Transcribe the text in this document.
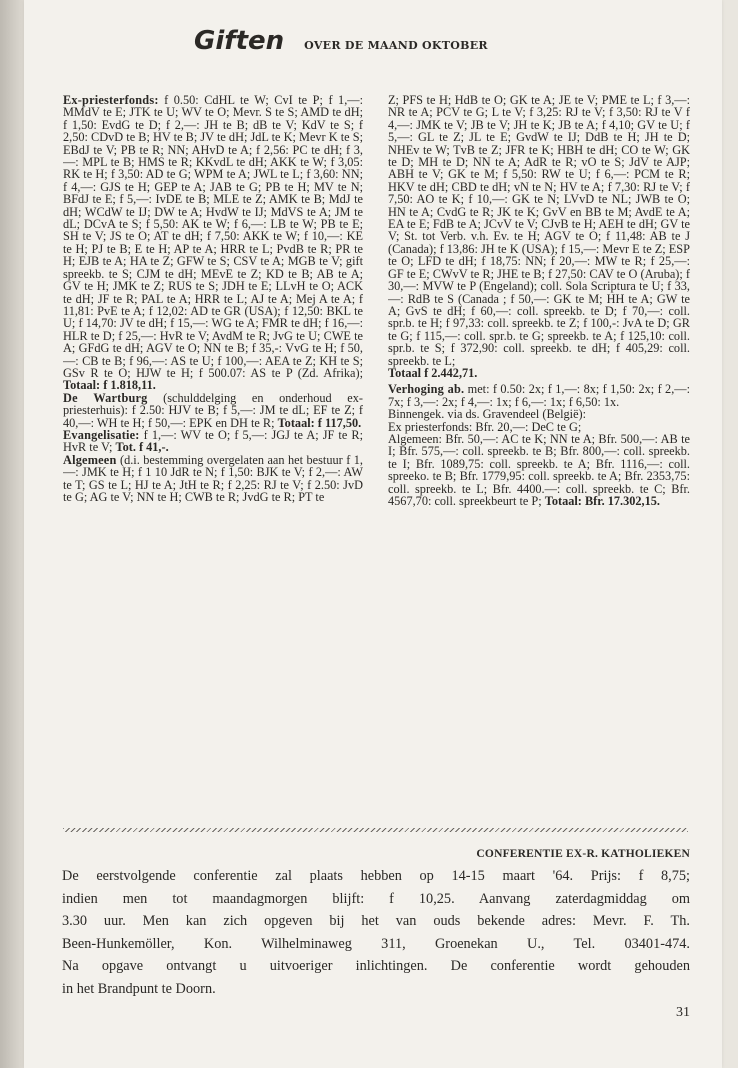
Giften OVER DE MAAND OKTOBER

Ex-priesterfonds: f 0.50: CdHL te W; CvI te P; f 1,—: MMdV te E; JTK te U; WV te O; Mevr. S te S; AMD te dH; f 1,50: EvdG te D; f 2,—: JH te B; dB te V; KdV te S; f 2,50: CDvD te B; HV te B; JV te dH; JdL te K; Mevr K te S; EBdJ te V; PB te R; NN; AHvD te A; f 2,56: PC te dH; f 3,—: MPL te B; HMS te R; KKvdL te dH; AKK te W; f 3,05: RK te H; f 3,50: AD te G; WPM te A; JWL te L; f 3,60: NN; f 4,—: GJS te H; GEP te A; JAB te G; PB te H; MV te N; BFdJ te E; f 5,—: IvDE te B; MLE te Z; AMK te B; MdJ te dH; WCdW te IJ; DW te A; HvdW te IJ; MdVS te A; JM te dL; DCvA te S; f 5,50: AK te W; f 6,—: LB te W; PB te E; SH te V; JS te O; AT te dH; f 7,50: AKK te W; f 10,—: KE te H; PJ te B; E te H; AP te A; HRR te L; PvdB te R; PR te H; EJB te A; HA te Z; GFW te S; CSV te A; MGB te V; gift spreekb. te S; CJM te dH; MEvE te Z; KD te B; AB te A; GV te H; JMK te Z; RUS te S; JDH te E; LLvH te O; ACK te dH; JF te R; PAL te A; HRR te L; AJ te A; Mej A te A; f 11,81: PvE te A; f 12,02: AD te GR (USA); f 12,50: BKL te U; f 14,70: JV te dH; f 15,—: WG te A; FMR te dH; f 16,—: HLR te D; f 25,—: HvR te V; AvdM te R; JvG te U; CWE te A; GFdG te dH; AGV te O; NN te B; f 35,-: VvG te H; f 50,—: CB te B; f 96,—: AS te U; f 100,—: AEA te Z; KH te S; GSv R te O; HJW te H; f 500.07: AS te P (Zd. Afrika); Totaal: f 1.818,11.

De Wartburg (schulddelging en onderhoud ex-priesterhuis): f 2.50: HJV te B; f 5,—: JM te dL; EF te Z; f 40,—: WH te H; f 50,—: EPK en DH te R; Totaal: f 117,50.

Evangelisatie: f 1,—: WV te O; f 5,—: JGJ te A; JF te R; HvR te V; Tot. f 41,-.

Algemeen (d.i. bestemming overgelaten aan het bestuur f 1,—: JMK te H; f 1 10 JdR te N; f 1,50: BJK te V; f 2,—: AW te T; GS te L; HJ te A; JtH te R; f 2,25: RJ te V; f 2.50: JvD te G; AG te V; NN te H; CWB te R; JvdG te R; PT te

Z; PFS te H; HdB te O; GK te A; JE te V; PME te L; f 3,—: NR te A; PCV te G; L te V; f 3,25: RJ te V; f 3,50: RJ te V f 4,—: JMK te V; JB te V; JH te K; JB te A; f 4,10; GV te U; f 5,—: GL te Z; JL te E; GvdW te IJ; DdB te H; JH te D; NHEv te W; TvB te Z; JFR te K; HBH te dH; CO te W; GK te D; MH te D; NN te A; AdR te R; vO te S; JdV te AJP; ABH te V; GK te M; f 5,50: RW te U; f 6,—: PCM te R; HKV te dH; CBD te dH; vN te N; HV te A; f 7,30: RJ te V; f 7,50: AO te K; f 10,—: GK te N; LVvD te NL; JWB te O; HN te A; CvdG te R; JK te K; GvV en BB te M; AvdE te A; EA te E; FdB te A; JCvV te V; CJvB te H; AEH te dH; GV te V; St. tot Verb. v.h. Ev. te H; AGV te O; f 11,48: AB te J (Canada); f 13,86: JH te K (USA); f 15,—: Mevr E te Z; ESP te O; LFD te dH; f 18,75: NN; f 20,—: MW te R; f 25,—: GF te E; CWvV te R; JHE te B; f 27,50: CAV te O (Aruba); f 30,—: MVW te P (Engeland); coll. Sola Scriptura te U; f 33,—: RdB te S (Canada ; f 50,—: GK te M; HH te A; GW te A; GvS te dH; f 60,—: coll. spreekb. te D; f 70,—: coll. spr.b. te H; f 97,33: coll. spreekb. te Z; f 100,-: JvA te D; GR te G; f 115,—: coll. spr.b. te G; spreekb. te A; f 125,10: coll. spr.b. te S; f 372,90: coll. spreekb. te dH; f 405,29: coll. spreekb. te L;

Totaal f 2.442,71.

Verhoging ab. met: f 0.50: 2x; f 1,—: 8x; f 1,50: 2x; f 2,—: 7x; f 3,—: 2x; f 4,—: 1x; f 6,—: 1x; f 6,50: 1x.

Binnengek. via ds. Gravendeel (België):

Ex priesterfonds: Bfr. 20,—: DeC te G;

Algemeen: Bfr. 50,—: AC te K; NN te A; Bfr. 500,—: AB te I; Bfr. 575,—: coll. spreekb. te B; Bfr. 800,—: coll. spreekb. te I; Bfr. 1089,75: coll. spreekb. te A; Bfr. 1116,—: coll. spreeko. te B; Bfr. 1779,95: coll. spreekb. te A; Bfr. 2353,75: coll. spreekb. te L; Bfr. 4400.—: coll. spreekb. te C; Bfr. 4567,70: coll. spreekbeurt te P; Totaal: Bfr. 17.302,15.

CONFERENTIE EX-R. KATHOLIEKEN
De eerstvolgende conferentie zal plaats hebben op 14-15 maart '64. Prijs: f 8,75;
indien men tot maandagmorgen blijft: f 10,25. Aanvang zaterdagmiddag om
3.30 uur. Men kan zich opgeven bij het van ouds bekende adres: Mevr. F. Th.
Been-Hunkemöller, Kon. Wilhelminaweg 311, Groenekan U., Tel. 03401-474.
Na opgave ontvangt u uitvoeriger inlichtingen. De conferentie wordt gehouden
in het Brandpunt te Doorn.
31
